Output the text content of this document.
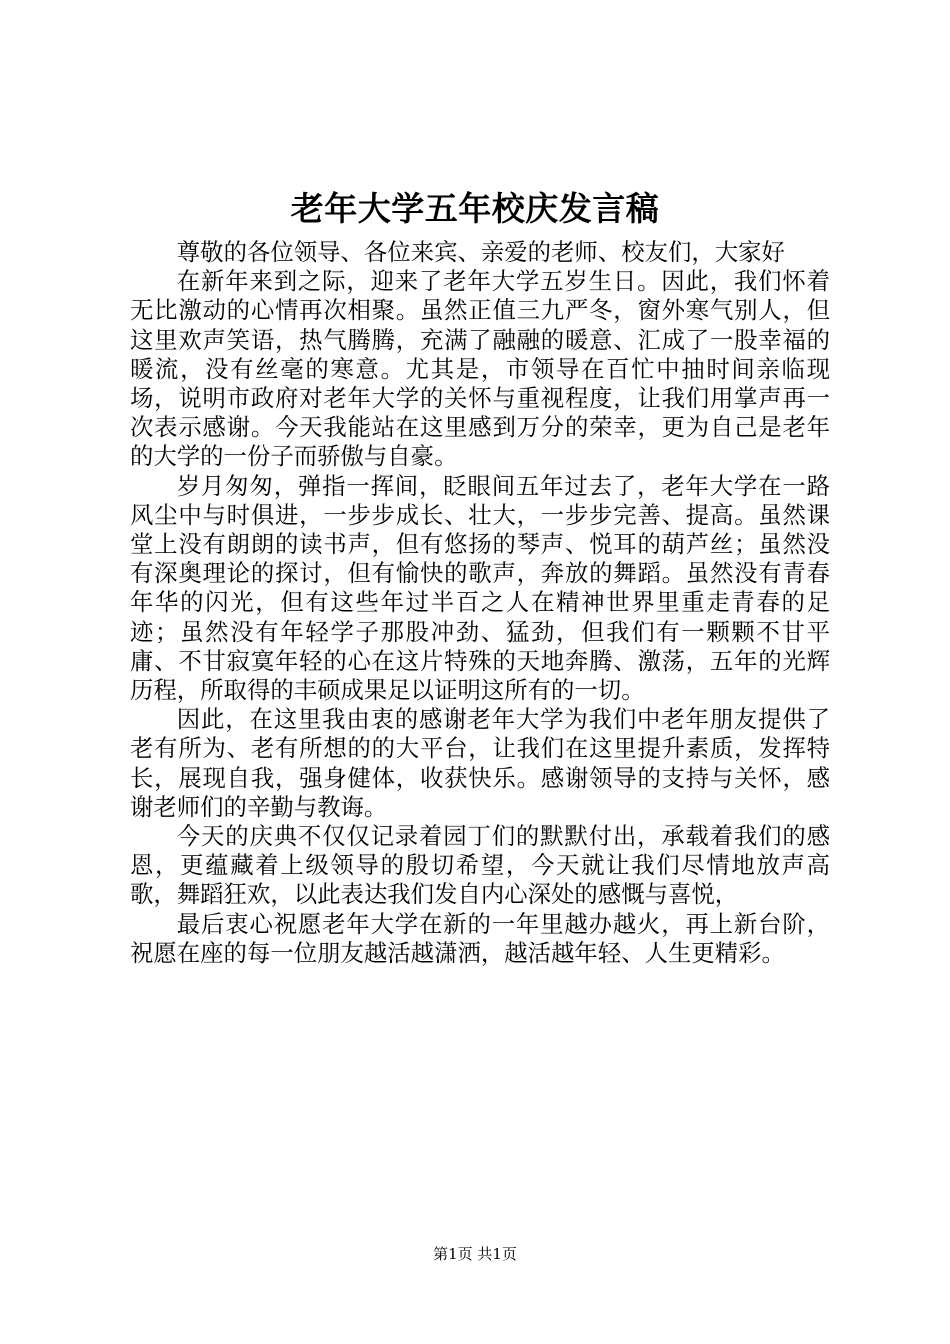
老年大学五年校庆发言稿

尊敬的各位领导、各位来宾、亲爱的老师、校友们，大家好

在新年来到之际，迎来了老年大学五岁生日。因此，我们怀着无比激动的心情再次相聚。虽然正值三九严冬，窗外寒气别人，但这里欢声笑语，热气腾腾，充满了融融的暖意、汇成了一股幸福的暖流，没有丝毫的寒意。尤其是，市领导在百忙中抽时间亲临现场，说明市政府对老年大学的关怀与重视程度，让我们用掌声再一次表示感谢。今天我能站在这里感到万分的荣幸，更为自己是老年的大学的一份子而骄傲与自豪。

岁月匆匆，弹指一挥间，眨眼间五年过去了，老年大学在一路风尘中与时俱进，一步步成长、壮大，一步步完善、提高。虽然课堂上没有朗朗的读书声，但有悠扬的琴声、悦耳的葫芦丝；虽然没有深奥理论的探讨，但有愉快的歌声，奔放的舞蹈。虽然没有青春年华的闪光，但有这些年过半百之人在精神世界里重走青春的足迹；虽然没有年轻学子那股冲劲、猛劲，但我们有一颗颗不甘平庸、不甘寂寞年轻的心在这片特殊的天地奔腾、激荡，五年的光辉历程，所取得的丰硕成果足以证明这所有的一切。

因此，在这里我由衷的感谢老年大学为我们中老年朋友提供了老有所为、老有所想的的大平台，让我们在这里提升素质，发挥特长，展现自我，强身健体，收获快乐。感谢领导的支持与关怀，感谢老师们的辛勤与教诲。

今天的庆典不仅仅记录着园丁们的默默付出，承载着我们的感恩，更蕴藏着上级领导的殷切希望，今天就让我们尽情地放声高歌，舞蹈狂欢，以此表达我们发自内心深处的感慨与喜悦，

最后衷心祝愿老年大学在新的一年里越办越火，再上新台阶，祝愿在座的每一位朋友越活越潇洒，越活越年轻、人生更精彩。

第1页 共1页
